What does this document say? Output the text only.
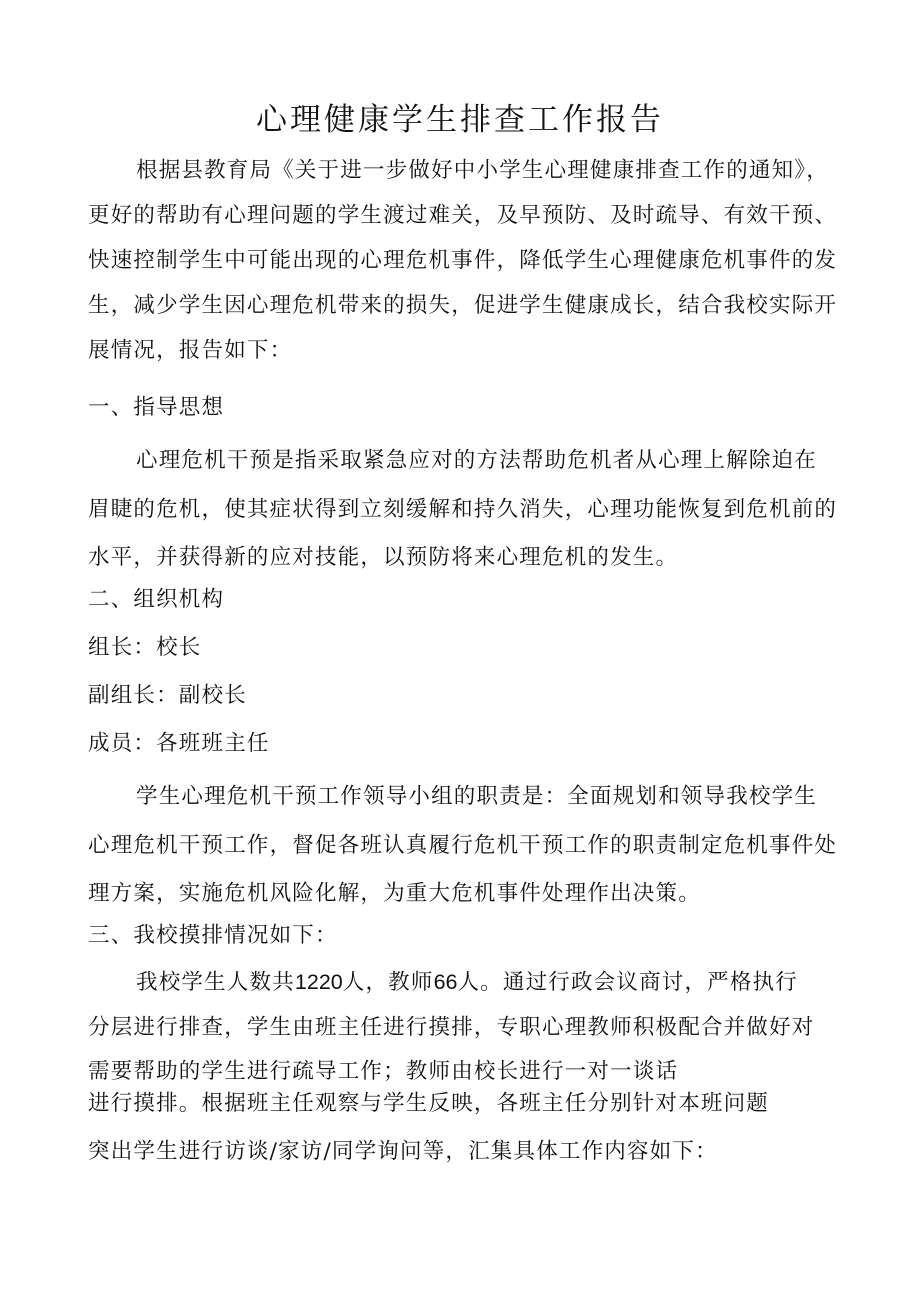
心理健康学生排查工作报告

根据县教育局《关于进一步做好中小学生心理健康排查工作的通知》，更好的帮助有心理问题的学生渡过难关，及早预防、及时疏导、有效干预、快速控制学生中可能出现的心理危机事件，降低学生心理健康危机事件的发生，减少学生因心理危机带来的损失，促进学生健康成长，结合我校实际开展情况，报告如下：

一、指导思想

心理危机干预是指采取紧急应对的方法帮助危机者从心理上解除迫在眉睫的危机，使其症状得到立刻缓解和持久消失，心理功能恢复到危机前的水平，并获得新的应对技能，以预防将来心理危机的发生。

二、组织机构
组长：校长
副组长：副校长
成员：各班班主任

学生心理危机干预工作领导小组的职责是：全面规划和领导我校学生心理危机干预工作，督促各班认真履行危机干预工作的职责制定危机事件处理方案，实施危机风险化解，为重大危机事件处理作出决策。

三、我校摸排情况如下：
我校学生人数共1220人，教师66人。通过行政会议商讨，严格执行
分层进行排查，学生由班主任进行摸排，专职心理教师积极配合并做好对
需要帮助的学生进行疏导工作；教师由校长进行一对一谈话
进行摸排。根据班主任观察与学生反映，各班主任分别针对本班问题
突出学生进行访谈/家访/同学询问等，汇集具体工作内容如下：
